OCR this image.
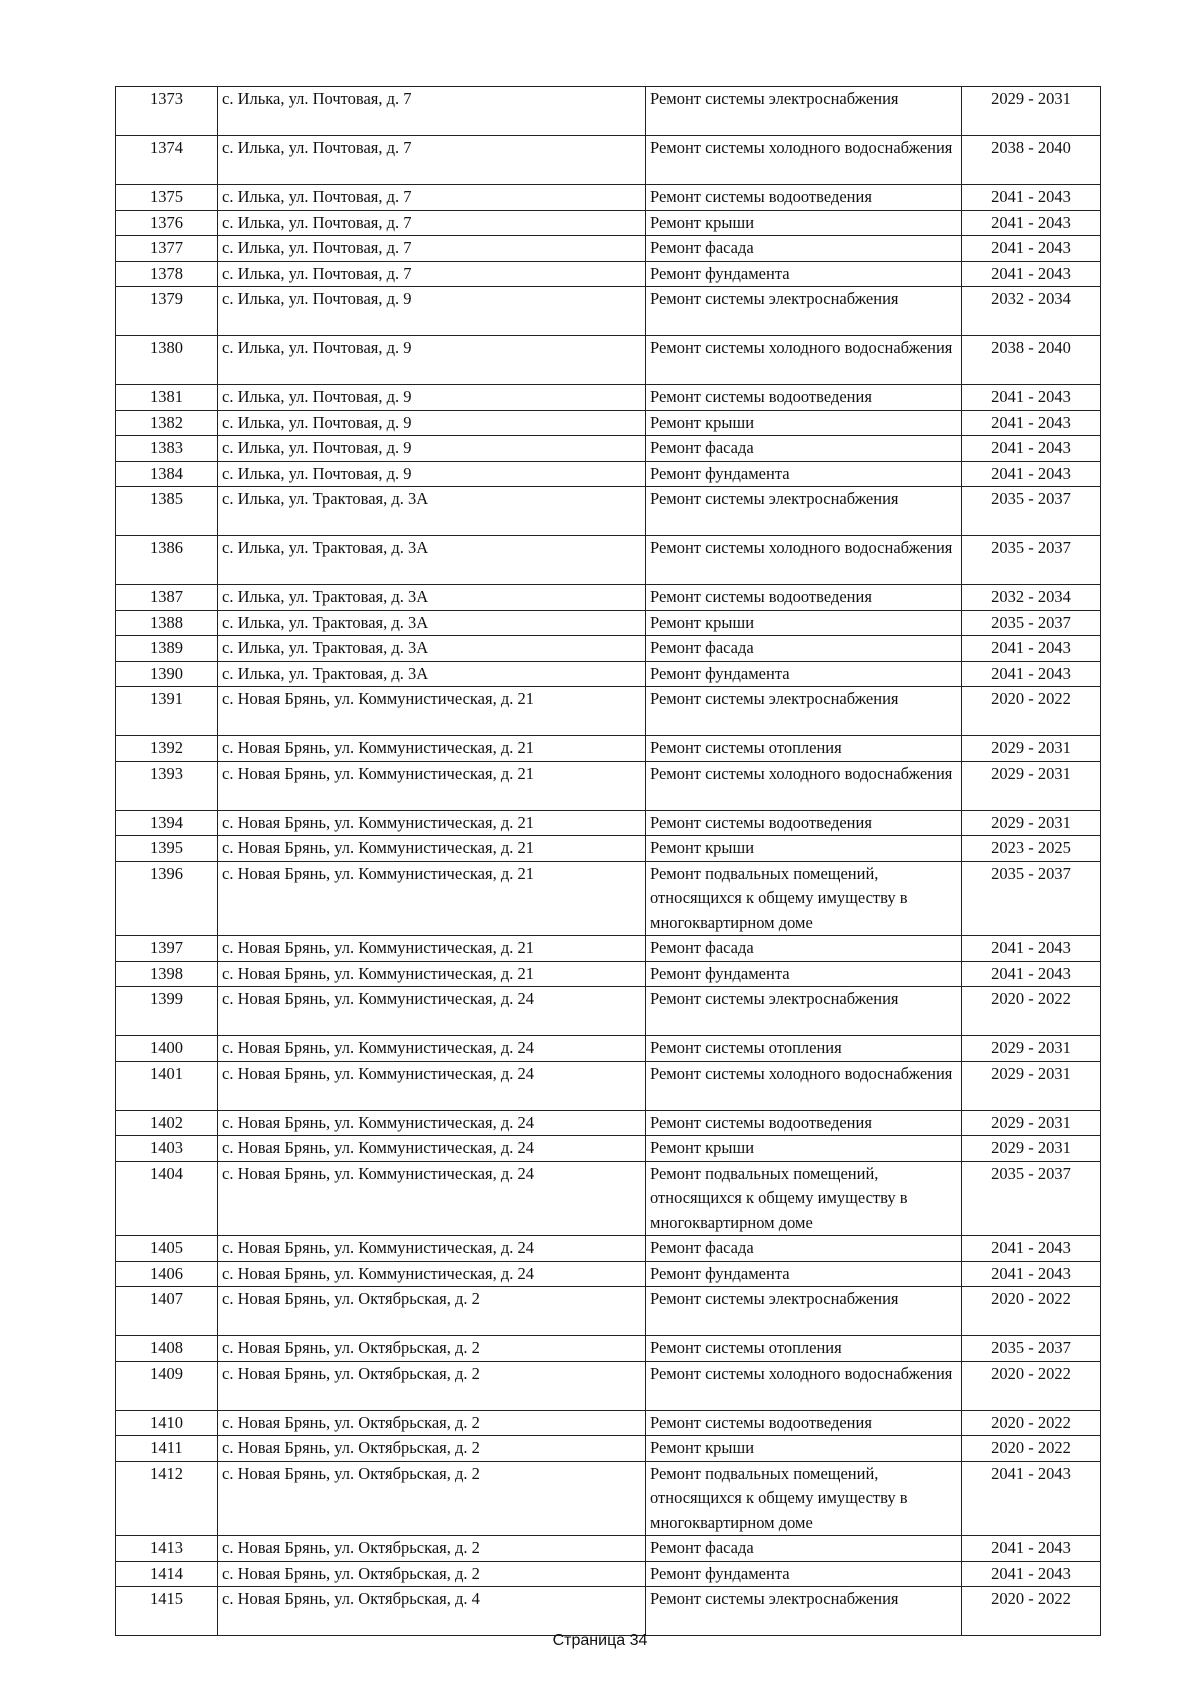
1373	с. Илька, ул. Почтовая, д. 7	Ремонт системы электроснабжения	2029 - 2031
1374	с. Илька, ул. Почтовая, д. 7	Ремонт системы холодного водоснабжения	2038 - 2040
1375	с. Илька, ул. Почтовая, д. 7	Ремонт системы водоотведения	2041 - 2043
1376	с. Илька, ул. Почтовая, д. 7	Ремонт крыши	2041 - 2043
1377	с. Илька, ул. Почтовая, д. 7	Ремонт фасада	2041 - 2043
1378	с. Илька, ул. Почтовая, д. 7	Ремонт фундамента	2041 - 2043
1379	с. Илька, ул. Почтовая, д. 9	Ремонт системы электроснабжения	2032 - 2034
1380	с. Илька, ул. Почтовая, д. 9	Ремонт системы холодного водоснабжения	2038 - 2040
1381	с. Илька, ул. Почтовая, д. 9	Ремонт системы водоотведения	2041 - 2043
1382	с. Илька, ул. Почтовая, д. 9	Ремонт крыши	2041 - 2043
1383	с. Илька, ул. Почтовая, д. 9	Ремонт фасада	2041 - 2043
1384	с. Илька, ул. Почтовая, д. 9	Ремонт фундамента	2041 - 2043
1385	с. Илька, ул. Трактовая, д. 3А	Ремонт системы электроснабжения	2035 - 2037
1386	с. Илька, ул. Трактовая, д. 3А	Ремонт системы холодного водоснабжения	2035 - 2037
1387	с. Илька, ул. Трактовая, д. 3А	Ремонт системы водоотведения	2032 - 2034
1388	с. Илька, ул. Трактовая, д. 3А	Ремонт крыши	2035 - 2037
1389	с. Илька, ул. Трактовая, д. 3А	Ремонт фасада	2041 - 2043
1390	с. Илька, ул. Трактовая, д. 3А	Ремонт фундамента	2041 - 2043
1391	с. Новая Брянь, ул. Коммунистическая, д. 21	Ремонт системы электроснабжения	2020 - 2022
1392	с. Новая Брянь, ул. Коммунистическая, д. 21	Ремонт системы отопления	2029 - 2031
1393	с. Новая Брянь, ул. Коммунистическая, д. 21	Ремонт системы холодного водоснабжения	2029 - 2031
1394	с. Новая Брянь, ул. Коммунистическая, д. 21	Ремонт системы водоотведения	2029 - 2031
1395	с. Новая Брянь, ул. Коммунистическая, д. 21	Ремонт крыши	2023 - 2025
1396	с. Новая Брянь, ул. Коммунистическая, д. 21	Ремонт подвальных помещений, относящихся к общему имуществу в многоквартирном доме	2035 - 2037
1397	с. Новая Брянь, ул. Коммунистическая, д. 21	Ремонт фасада	2041 - 2043
1398	с. Новая Брянь, ул. Коммунистическая, д. 21	Ремонт фундамента	2041 - 2043
1399	с. Новая Брянь, ул. Коммунистическая, д. 24	Ремонт системы электроснабжения	2020 - 2022
1400	с. Новая Брянь, ул. Коммунистическая, д. 24	Ремонт системы отопления	2029 - 2031
1401	с. Новая Брянь, ул. Коммунистическая, д. 24	Ремонт системы холодного водоснабжения	2029 - 2031
1402	с. Новая Брянь, ул. Коммунистическая, д. 24	Ремонт системы водоотведения	2029 - 2031
1403	с. Новая Брянь, ул. Коммунистическая, д. 24	Ремонт крыши	2029 - 2031
1404	с. Новая Брянь, ул. Коммунистическая, д. 24	Ремонт подвальных помещений, относящихся к общему имуществу в многоквартирном доме	2035 - 2037
1405	с. Новая Брянь, ул. Коммунистическая, д. 24	Ремонт фасада	2041 - 2043
1406	с. Новая Брянь, ул. Коммунистическая, д. 24	Ремонт фундамента	2041 - 2043
1407	с. Новая Брянь, ул. Октябрьская, д. 2	Ремонт системы электроснабжения	2020 - 2022
1408	с. Новая Брянь, ул. Октябрьская, д. 2	Ремонт системы отопления	2035 - 2037
1409	с. Новая Брянь, ул. Октябрьская, д. 2	Ремонт системы холодного водоснабжения	2020 - 2022
1410	с. Новая Брянь, ул. Октябрьская, д. 2	Ремонт системы водоотведения	2020 - 2022
1411	с. Новая Брянь, ул. Октябрьская, д. 2	Ремонт крыши	2020 - 2022
1412	с. Новая Брянь, ул. Октябрьская, д. 2	Ремонт подвальных помещений, относящихся к общему имуществу в многоквартирном доме	2041 - 2043
1413	с. Новая Брянь, ул. Октябрьская, д. 2	Ремонт фасада	2041 - 2043
1414	с. Новая Брянь, ул. Октябрьская, д. 2	Ремонт фундамента	2041 - 2043
1415	с. Новая Брянь, ул. Октябрьская, д. 4	Ремонт системы электроснабжения	2020 - 2022
Страница 34
